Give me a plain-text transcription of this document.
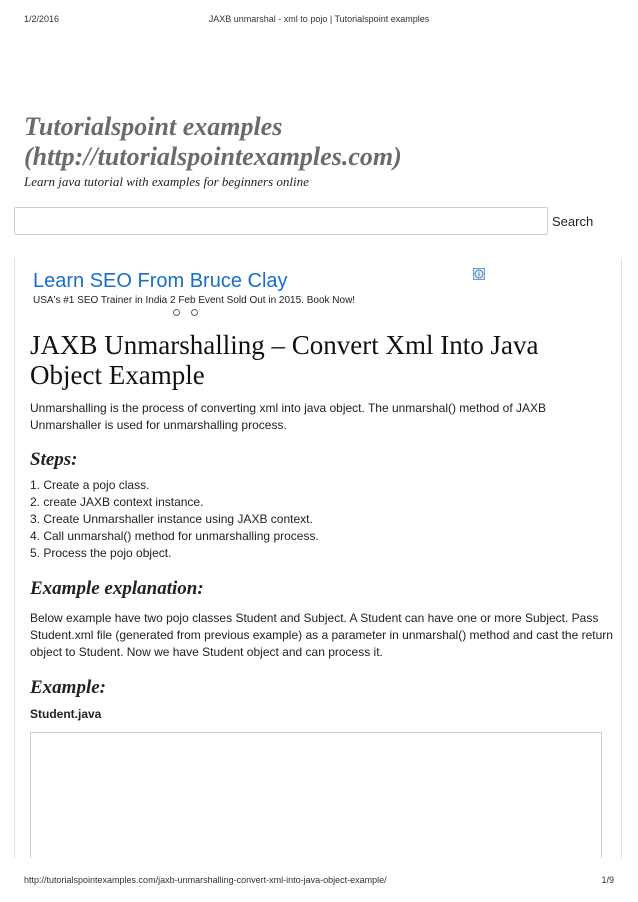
1/2/2016	JAXB unmarshal - xml to pojo | Tutorialspoint examples
Tutorialspoint examples (http://tutorialspointexamples.com)
Learn java tutorial with examples for beginners online
Search
Learn SEO From Bruce Clay
USA's #1 SEO Trainer in India 2 Feb Event Sold Out in 2015. Book Now!
JAXB Unmarshalling – Convert Xml Into Java Object Example

Unmarshalling is the process of converting xml into java object. The unmarshal() method of JAXB Unmarshaller is used for unmarshalling process.

Steps:
1. Create a pojo class.
2. create JAXB context instance.
3. Create Unmarshaller instance using JAXB context.
4. Call unmarshal() method for unmarshalling process.
5. Process the pojo object.
Example explanation:

Below example have two pojo classes Student and Subject. A Student can have one or more Subject. Pass Student.xml file (generated from previous example) as a parameter in unmarshal() method and cast the return object to Student. Now we have Student object and can process it.

Example:
Student.java
http://tutorialspointexamples.com/jaxb-unmarshalling-convert-xml-into-java-object-example/	1/9
